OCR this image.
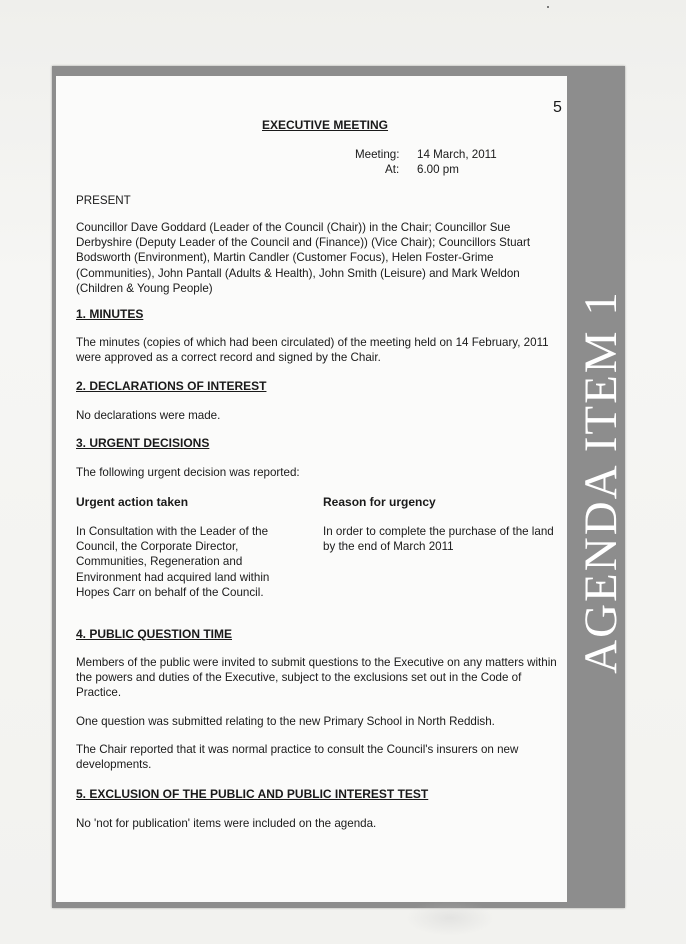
5
EXECUTIVE MEETING
Meeting: 14 March, 2011
At: 6.00 pm
PRESENT
Councillor Dave Goddard (Leader of the Council (Chair)) in the Chair; Councillor Sue Derbyshire (Deputy Leader of the Council and (Finance)) (Vice Chair); Councillors Stuart Bodsworth (Environment), Martin Candler (Customer Focus), Helen Foster-Grime (Communities), John Pantall (Adults & Health), John Smith (Leisure) and Mark Weldon (Children & Young People)
1. MINUTES
The minutes (copies of which had been circulated) of the meeting held on 14 February, 2011 were approved as a correct record and signed by the Chair.
2. DECLARATIONS OF INTEREST
No declarations were made.
3. URGENT DECISIONS
The following urgent decision was reported:
Urgent action taken	Reason for urgency
In Consultation with the Leader of the Council, the Corporate Director, Communities, Regeneration and Environment had acquired land within Hopes Carr on behalf of the Council.
In order to complete the purchase of the land by the end of March 2011
4. PUBLIC QUESTION TIME
Members of the public were invited to submit questions to the Executive on any matters within the powers and duties of the Executive, subject to the exclusions set out in the Code of Practice.
One question was submitted relating to the new Primary School in North Reddish.
The Chair reported that it was normal practice to consult the Council's insurers on new developments.
5. EXCLUSION OF THE PUBLIC AND PUBLIC INTEREST TEST
No 'not for publication' items were included on the agenda.
AGENDA ITEM 1
